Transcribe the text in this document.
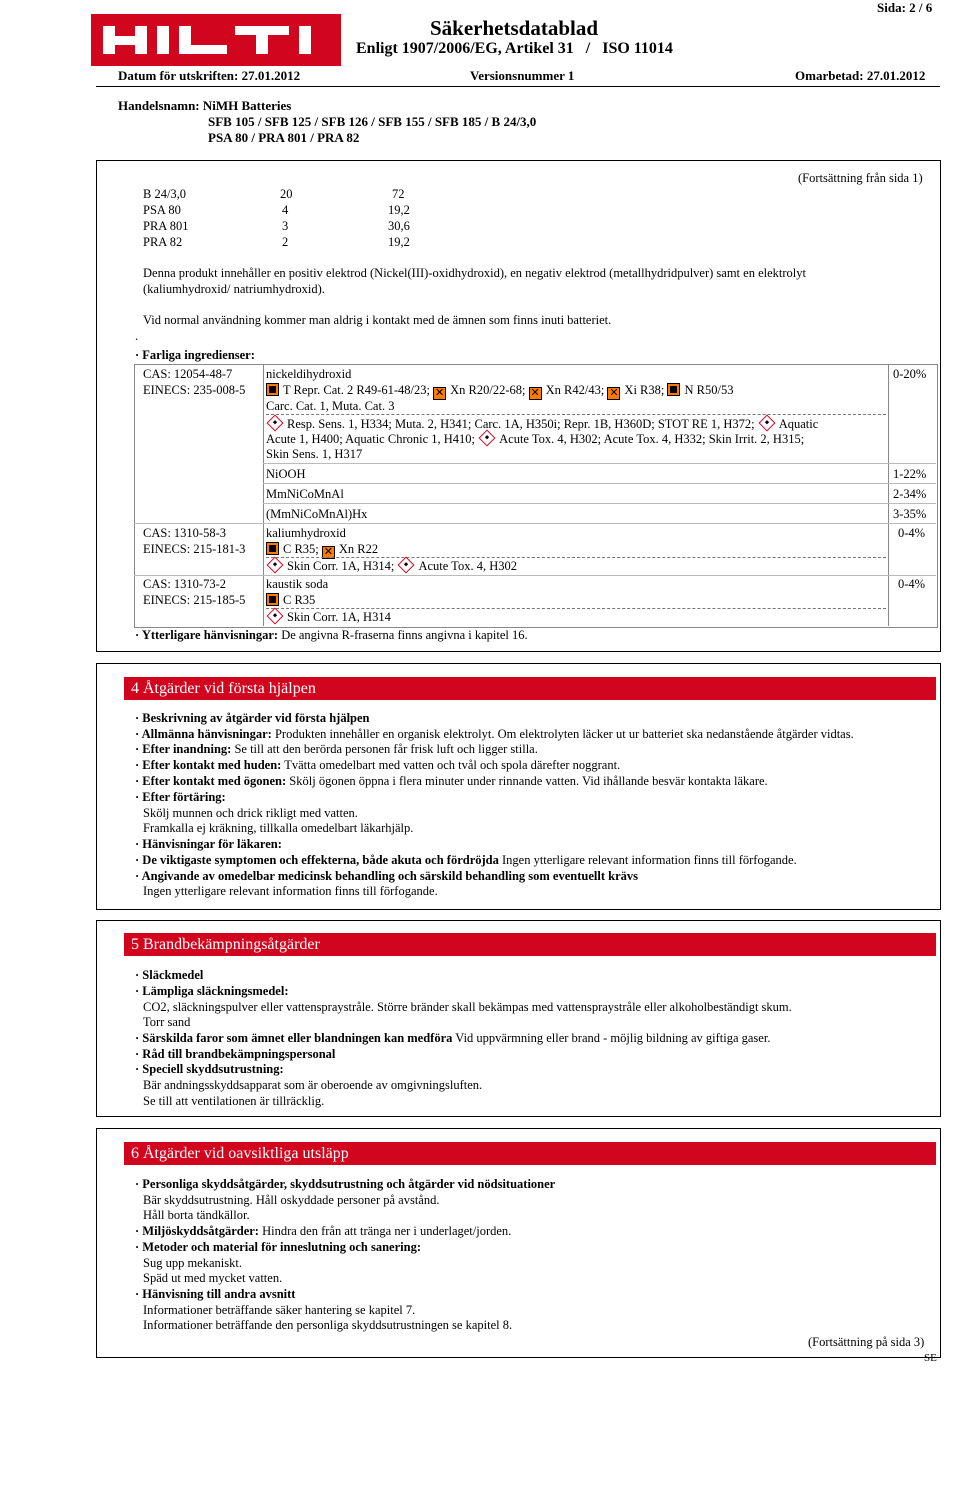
Sida: 2 / 6
Säkerhetsdatablad
Enligt 1907/2006/EG, Artikel 31   /   ISO 11014
Datum för utskriften: 27.01.2012	Versionsnummer 1	Omarbetad: 27.01.2012
Handelsnamn: NiMH Batteries
SFB 105 / SFB 125 / SFB 126 / SFB 155 / SFB 185 / B 24/3,0
PSA 80 / PRA 801 / PRA 82
(Fortsättning från sida 1)
B 24/3,0	20	72
PSA 80	4	19,2
PRA 801	3	30,6
PRA 82	2	19,2
Denna produkt innehåller en positiv elektrod (Nickel(III)-oxidhydroxid), en negativ elektrod (metallhydridpulver) samt en elektrolyt
(kaliumhydroxid/ natriumhydroxid).
Vid normal användning kommer man aldrig i kontakt med de ämnen som finns inuti batteriet.
.
· Farliga ingredienser:
CAS: 12054-48-7
EINECS: 235-008-5
nickeldihydroxid	0-20%
T Repr. Cat. 2 R49-61-48/23; ✕ Xn R20/22-68; ✕ Xn R42/43; ✕ Xi R38; N R50/53
Carc. Cat. 1, Muta. Cat. 3
Resp. Sens. 1, H334; Muta. 2, H341; Carc. 1A, H350i; Repr. 1B, H360D; STOT RE 1, H372; Aquatic
Acute 1, H400; Aquatic Chronic 1, H410; Acute Tox. 4, H302; Acute Tox. 4, H332; Skin Irrit. 2, H315;
Skin Sens. 1, H317
NiOOH	1-22%
MmNiCoMnAl	2-34%
(MmNiCoMnAl)Hx	3-35%
CAS: 1310-58-3
EINECS: 215-181-3
kaliumhydroxid	0-4%
C R35; ✕ Xn R22
Skin Corr. 1A, H314; Acute Tox. 4, H302
CAS: 1310-73-2
EINECS: 215-185-5
kaustik soda	0-4%
C R35
Skin Corr. 1A, H314
· Ytterligare hänvisningar: De angivna R-fraserna finns angivna i kapitel 16.
4 Åtgärder vid första hjälpen
· Beskrivning av åtgärder vid första hjälpen
· Allmänna hänvisningar: Produkten innehåller en organisk elektrolyt. Om elektrolyten läcker ut ur batteriet ska nedanstående åtgärder vidtas.
· Efter inandning: Se till att den berörda personen får frisk luft och ligger stilla.
· Efter kontakt med huden: Tvätta omedelbart med vatten och tvål och spola därefter noggrant.
· Efter kontakt med ögonen: Skölj ögonen öppna i flera minuter under rinnande vatten. Vid ihållande besvär kontakta läkare.
· Efter förtäring:
Skölj munnen och drick rikligt med vatten.
Framkalla ej kräkning, tillkalla omedelbart läkarhjälp.
· Hänvisningar för läkaren:
· De viktigaste symptomen och effekterna, både akuta och fördröjda Ingen ytterligare relevant information finns till förfogande.
· Angivande av omedelbar medicinsk behandling och särskild behandling som eventuellt krävs
Ingen ytterligare relevant information finns till förfogande.
5 Brandbekämpningsåtgärder
· Släckmedel
· Lämpliga släckningsmedel:
CO2, släckningspulver eller vattenspraystråle. Större bränder skall bekämpas med vattenspraystråle eller alkoholbeständigt skum.
Torr sand
· Särskilda faror som ämnet eller blandningen kan medföra Vid uppvärmning eller brand - möjlig bildning av giftiga gaser.
· Råd till brandbekämpningspersonal
· Speciell skyddsutrustning:
Bär andningsskyddsapparat som är oberoende av omgivningsluften.
Se till att ventilationen är tillräcklig.
6 Åtgärder vid oavsiktliga utsläpp
· Personliga skyddsåtgärder, skyddsutrustning och åtgärder vid nödsituationer
Bär skyddsutrustning. Håll oskyddade personer på avstånd.
Håll borta tändkällor.
· Miljöskyddsåtgärder: Hindra den från att tränga ner i underlaget/jorden.
· Metoder och material för inneslutning och sanering:
Sug upp mekaniskt.
Späd ut med mycket vatten.
· Hänvisning till andra avsnitt
Informationer beträffande säker hantering se kapitel 7.
Informationer beträffande den personliga skyddsutrustningen se kapitel 8.
(Fortsättning på sida 3)
SE
